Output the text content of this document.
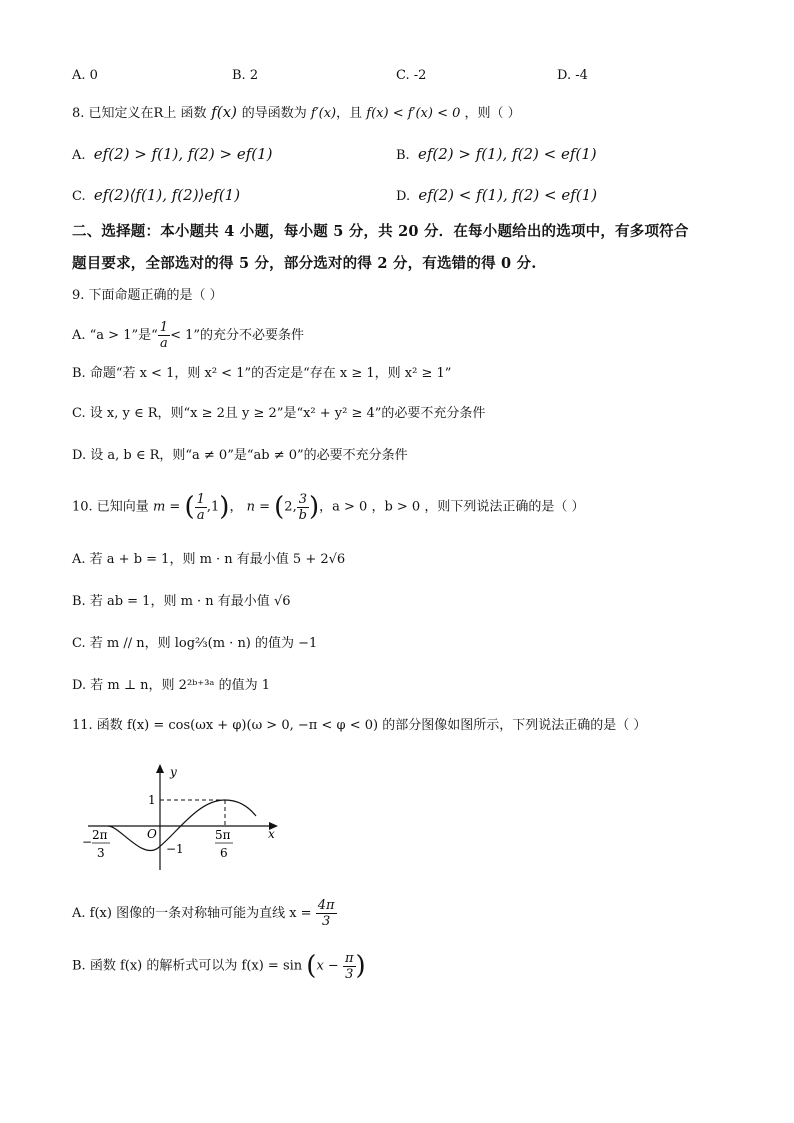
A. 0	B. 2	C. -2	D. -4
8. 已知定义在R上 函数 f(x) 的导函数为 f′(x)，且 f(x) < f′(x) < 0 ，则（ ）
A. ef(2) > f(1), f(2) > ef(1)	B. ef(2) > f(1), f(2) < ef(1)
C. ef(2)⟨f(1), f(2)⟩ef(1)	D. ef(2) < f(1), f(2) < ef(1)
二、选择题：本小题共 4 小题，每小题 5 分，共 20 分．在每小题给出的选项中，有多项符合
题目要求，全部选对的得 5 分，部分选对的得 2 分，有选错的得 0 分.
9. 下面命题正确的是（ ）
A. “a > 1”是“ $\frac{1}{a} < 1$”的充分不必要条件
B. 命题“若 x < 1，则 x² < 1”的否定是“存在 x ≥ 1，则 x² ≥ 1”
C. 设 x, y ∈ R，则“x ≥ 2且 y ≥ 2”是“x² + y² ≥ 4”的必要不充分条件
D. 设 a, b ∈ R，则“a ≠ 0”是“ab ≠ 0”的必要不充分条件
10. 已知向量 m = ( $\frac{1}{a} ,1$)， n = (2, $\frac{3}{b}$ )，a > 0 ，b > 0 ，则下列说法正确的是（ ）
A. 若 a + b = 1，则 m · n 有最小值 5 + 2√6
B. 若 ab = 1，则 m · n 有最小值 √6
C. 若 m // n，则 log⅔(m · n) 的值为 −1
D. 若 m ⊥ n，则 2²ᵇ⁺³ᵃ 的值为 1
11. 函数 f(x) = cos(ωx + φ)(ω > 0, −π < φ < 0) 的部分图像如图所示，下列说法正确的是（ ）
y
x
O
1
−1
− 2π
3
5π
6
A. f(x) 图像的一条对称轴可能为直线 $x = \frac{4\pi}{3}$
B. 函数 f(x) 的解析式可以为 $f(x) = \sin (x - \frac{\pi}{3}$ )
